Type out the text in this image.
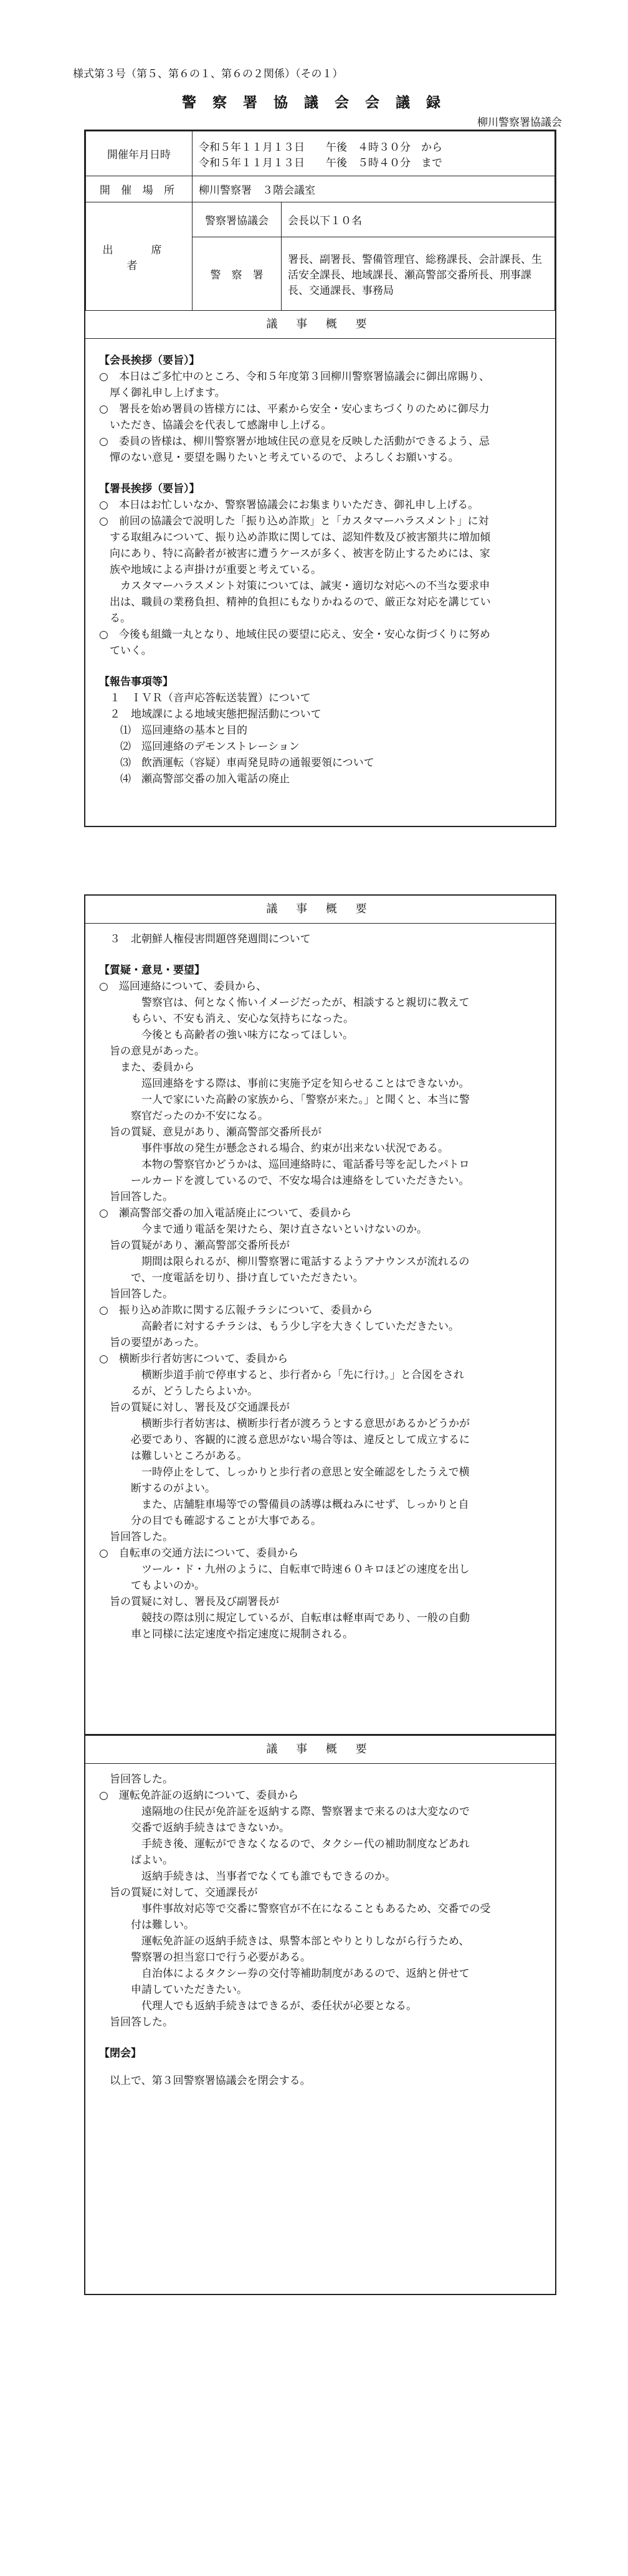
様式第３号（第５、第６の１、第６の２関係）（その１）
警 察 署 協 議 会 会 議 録
柳川警察署協議会
開催年月日時	令和５年１１月１３日　　午後　４時３０分　から
令和５年１１月１３日　　午後　５時４０分　まで	

開 催 場 所	柳川警察署　３階会議室	
出　席　者	警察署協議会	会長以下１０名
	警　察　署	署長、副署長、警備管理官、総務課長、会計課長、生活安全課長、地域課長、瀬高警部交番所長、刑事課長、交通課長、事務局
議 事 概 要

【会長挨拶（要旨）】

○　本日はご多忙中のところ、令和５年度第３回柳川警察署協議会に御出席賜り、

　厚く御礼申し上げます。

○　署長を始め署員の皆様方には、平素から安全・安心まちづくりのために御尽力

　いただき、協議会を代表して感謝申し上げる。

○　委員の皆様は、柳川警察署が地域住民の意見を反映した活動ができるよう、忌

　憚のない意見・要望を賜りたいと考えているので、よろしくお願いする。

【署長挨拶（要旨）】

○　本日はお忙しいなか、警察署協議会にお集まりいただき、御礼申し上げる。

○　前回の協議会で説明した「振り込め詐欺」と「カスタマーハラスメント」に対

　する取組みについて、振り込め詐欺に関しては、認知件数及び被害額共に増加傾

　向にあり、特に高齢者が被害に遭うケースが多く、被害を防止するためには、家

　族や地域による声掛けが重要と考えている。

　　カスタマーハラスメント対策については、誠実・適切な対応への不当な要求申

　出は、職員の業務負担、精神的負担にもなりかねるので、厳正な対応を講じてい

　る。

○　今後も組織一丸となり、地域住民の要望に応え、安全・安心な街づくりに努め

　ていく。

【報告事項等】

　１　ＩＶＲ（音声応答転送装置）について

　２　地域課による地域実態把握活動について

　　⑴　巡回連絡の基本と目的

　　⑵　巡回連絡のデモンストレーション

　　⑶　飲酒運転（容疑）車両発見時の通報要領について

　　⑷　瀬高警部交番の加入電話の廃止

議 事 概 要

　３　北朝鮮人権侵害問題啓発週間について

【質疑・意見・要望】

○　巡回連絡について、委員から、

　　　　警察官は、何となく怖いイメージだったが、相談すると親切に教えて

　　　もらい、不安も消え、安心な気持ちになった。

　　　　今後とも高齢者の強い味方になってほしい。

　旨の意見があった。

　　また、委員から

　　　　巡回連絡をする際は、事前に実施予定を知らせることはできないか。

　　　　一人で家にいた高齢の家族から、「警察が来た。」と聞くと、本当に警

　　　察官だったのか不安になる。

　旨の質疑、意見があり、瀬高警部交番所長が

　　　　事件事故の発生が懸念される場合、約束が出来ない状況である。

　　　　本物の警察官かどうかは、巡回連絡時に、電話番号等を記したパトロ

　　　ールカードを渡しているので、不安な場合は連絡をしていただきたい。

　旨回答した。

○　瀬高警部交番の加入電話廃止について、委員から

　　　　今まで通り電話を架けたら、架け直さないといけないのか。

　旨の質疑があり、瀬高警部交番所長が

　　　　期間は限られるが、柳川警察署に電話するようアナウンスが流れるの

　　　で、一度電話を切り、掛け直していただきたい。

　旨回答した。

○　振り込め詐欺に関する広報チラシについて、委員から

　　　　高齢者に対するチラシは、もう少し字を大きくしていただきたい。

　旨の要望があった。

○　横断歩行者妨害について、委員から

　　　　横断歩道手前で停車すると、歩行者から「先に行け。」と合図をされ

　　　るが、どうしたらよいか。

　旨の質疑に対し、署長及び交通課長が

　　　　横断歩行者妨害は、横断歩行者が渡ろうとする意思があるかどうかが

　　　必要であり、客観的に渡る意思がない場合等は、違反として成立するに

　　　は難しいところがある。

　　　　一時停止をして、しっかりと歩行者の意思と安全確認をしたうえで横

　　　断するのがよい。

　　　　また、店舗駐車場等での警備員の誘導は概ねみにせず、しっかりと自

　　　分の目でも確認することが大事である。

　旨回答した。

○　自転車の交通方法について、委員から

　　　　ツール・ド・九州のように、自転車で時速６０キロほどの速度を出し

　　　てもよいのか。

　旨の質疑に対し、署長及び副署長が

　　　　競技の際は別に規定しているが、自転車は軽車両であり、一般の自動

　　　車と同様に法定速度や指定速度に規制される。

議 事 概 要

　旨回答した。

○　運転免許証の返納について、委員から

　　　　遠隔地の住民が免許証を返納する際、警察署まで来るのは大変なので

　　　交番で返納手続きはできないか。

　　　　手続き後、運転ができなくなるので、タクシー代の補助制度などあれ

　　　ばよい。

　　　　返納手続きは、当事者でなくても誰でもできるのか。

　旨の質疑に対して、交通課長が

　　　　事件事故対応等で交番に警察官が不在になることもあるため、交番での受

　　　付は難しい。

　　　　運転免許証の返納手続きは、県警本部とやりとりしながら行うため、

　　　警察署の担当窓口で行う必要がある。

　　　　自治体によるタクシー券の交付等補助制度があるので、返納と併せて

　　　申請していただきたい。

　　　　代理人でも返納手続きはできるが、委任状が必要となる。

　旨回答した。

【閉会】

　以上で、第３回警察署協議会を閉会する。
